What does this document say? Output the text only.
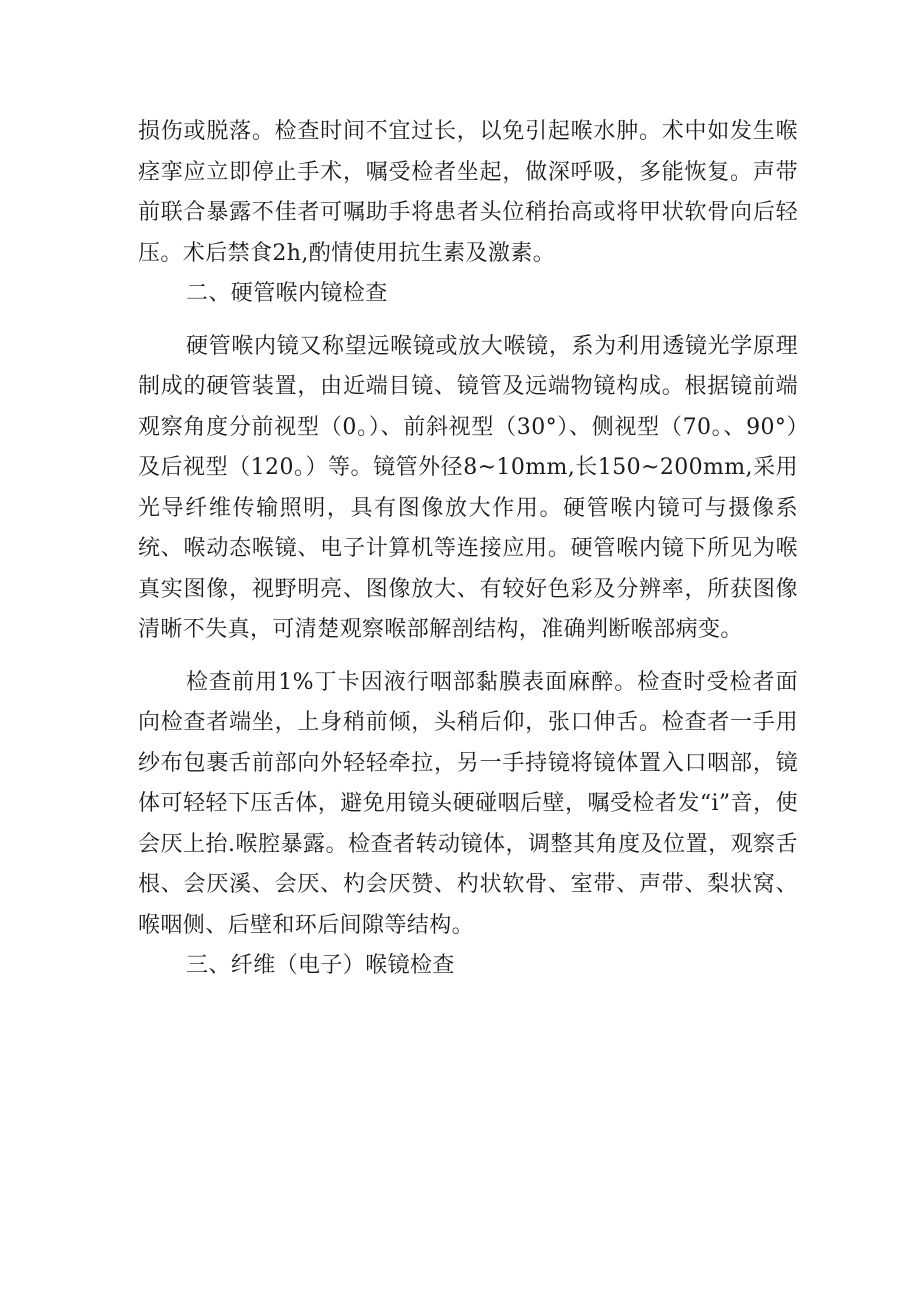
损伤或脱落。检查时间不宜过长，以免引起喉水肿。术中如发生喉痉挛应立即停止手术，嘱受检者坐起，做深呼吸，多能恢复。声带前联合暴露不佳者可嘱助手将患者头位稍抬高或将甲状软骨向后轻压。术后禁食2h,酌情使用抗生素及激素。

二、硬管喉内镜检查

硬管喉内镜又称望远喉镜或放大喉镜，系为利用透镜光学原理制成的硬管装置，由近端目镜、镜管及远端物镜构成。根据镜前端观察角度分前视型（0。）、前斜视型（30°）、侧视型（70。、90°）及后视型（120。）等。镜管外径8~10mm,长150~200mm,采用光导纤维传输照明，具有图像放大作用。硬管喉内镜可与摄像系统、喉动态喉镜、电子计算机等连接应用。硬管喉内镜下所见为喉真实图像，视野明亮、图像放大、有较好色彩及分辨率，所获图像清晰不失真，可清楚观察喉部解剖结构，准确判断喉部病变。

检查前用1%丁卡因液行咽部黏膜表面麻醉。检查时受检者面向检查者端坐，上身稍前倾，头稍后仰，张口伸舌。检查者一手用纱布包裹舌前部向外轻轻牵拉，另一手持镜将镜体置入口咽部，镜体可轻轻下压舌体，避免用镜头硬碰咽后壁，嘱受检者发“i”音，使会厌上抬.喉腔暴露。检查者转动镜体，调整其角度及位置，观察舌根、会厌溪、会厌、杓会厌赞、杓状软骨、室带、声带、梨状窝、喉咽侧、后壁和环后间隙等结构。

三、纤维（电子）喉镜检查
